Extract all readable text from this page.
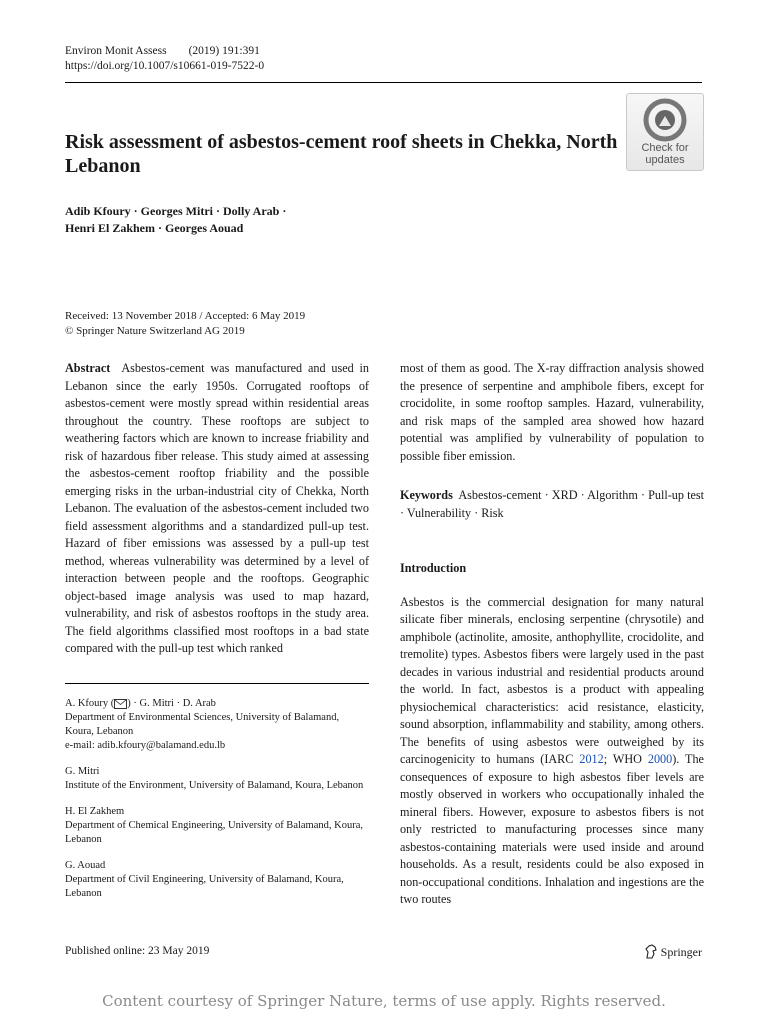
Environ Monit Assess (2019) 191:391
https://doi.org/10.1007/s10661-019-7522-0
Check for
updates
Risk assessment of asbestos-cement roof sheets in Chekka, North Lebanon
Adib Kfoury · Georges Mitri · Dolly Arab ·
Henri El Zakhem · Georges Aouad
Received: 13 November 2018 / Accepted: 6 May 2019
© Springer Nature Switzerland AG 2019

Abstract Asbestos-cement was manufactured and used in Lebanon since the early 1950s. Corrugated rooftops of asbestos-cement were mostly spread within residential areas throughout the country. These rooftops are subject to weathering factors which are known to increase friability and risk of hazardous fiber release. This study aimed at assessing the asbestos-cement rooftop friability and the possible emerging risks in the urban-industrial city of Chekka, North Lebanon. The evaluation of the asbestos-cement included two field assessment algorithms and a standardized pull-up test. Hazard of fiber emissions was assessed by a pull-up test method, whereas vulnerability was determined by a level of interaction between people and the rooftops. Geographic object-based image analysis was used to map hazard, vulnerability, and risk of asbestos rooftops in the study area. The field algorithms classified most rooftops in a bad state compared with the pull-up test which ranked

A. Kfoury ( ) · G. Mitri · D. Arab
Department of Environmental Sciences, University of Balamand, Koura, Lebanon
e-mail: adib.kfoury@balamand.edu.lb
G. Mitri
Institute of the Environment, University of Balamand, Koura, Lebanon
H. El Zakhem
Department of Chemical Engineering, University of Balamand, Koura, Lebanon
G. Aouad
Department of Civil Engineering, University of Balamand, Koura, Lebanon

most of them as good. The X-ray diffraction analysis showed the presence of serpentine and amphibole fibers, except for crocidolite, in some rooftop samples. Hazard, vulnerability, and risk maps of the sampled area showed how hazard potential was amplified by vulnerability of population to possible fiber emission.

Keywords Asbestos-cement · XRD · Algorithm · Pull-up test · Vulnerability · Risk

Introduction

Asbestos is the commercial designation for many natural silicate fiber minerals, enclosing serpentine (chrysotile) and amphibole (actinolite, amosite, anthophyllite, crocidolite, and tremolite) types. Asbestos fibers were largely used in the past decades in various industrial and residential products around the world. In fact, asbestos is a product with appealing physiochemical characteristics: acid resistance, elasticity, sound absorption, inflammability and stability, among others. The benefits of using asbestos were outweighed by its carcinogenicity to humans (IARC 2012; WHO 2000). The consequences of exposure to high asbestos fiber levels are mostly observed in workers who occupationally inhaled the mineral fibers. However, exposure to asbestos fibers is not only restricted to manufacturing processes since many asbestos-containing materials were used inside and around households. As a result, residents could be also exposed in non-occupational conditions. Inhalation and ingestions are the two routes

Published online: 23 May 2019	Springer
Content courtesy of Springer Nature, terms of use apply. Rights reserved.
